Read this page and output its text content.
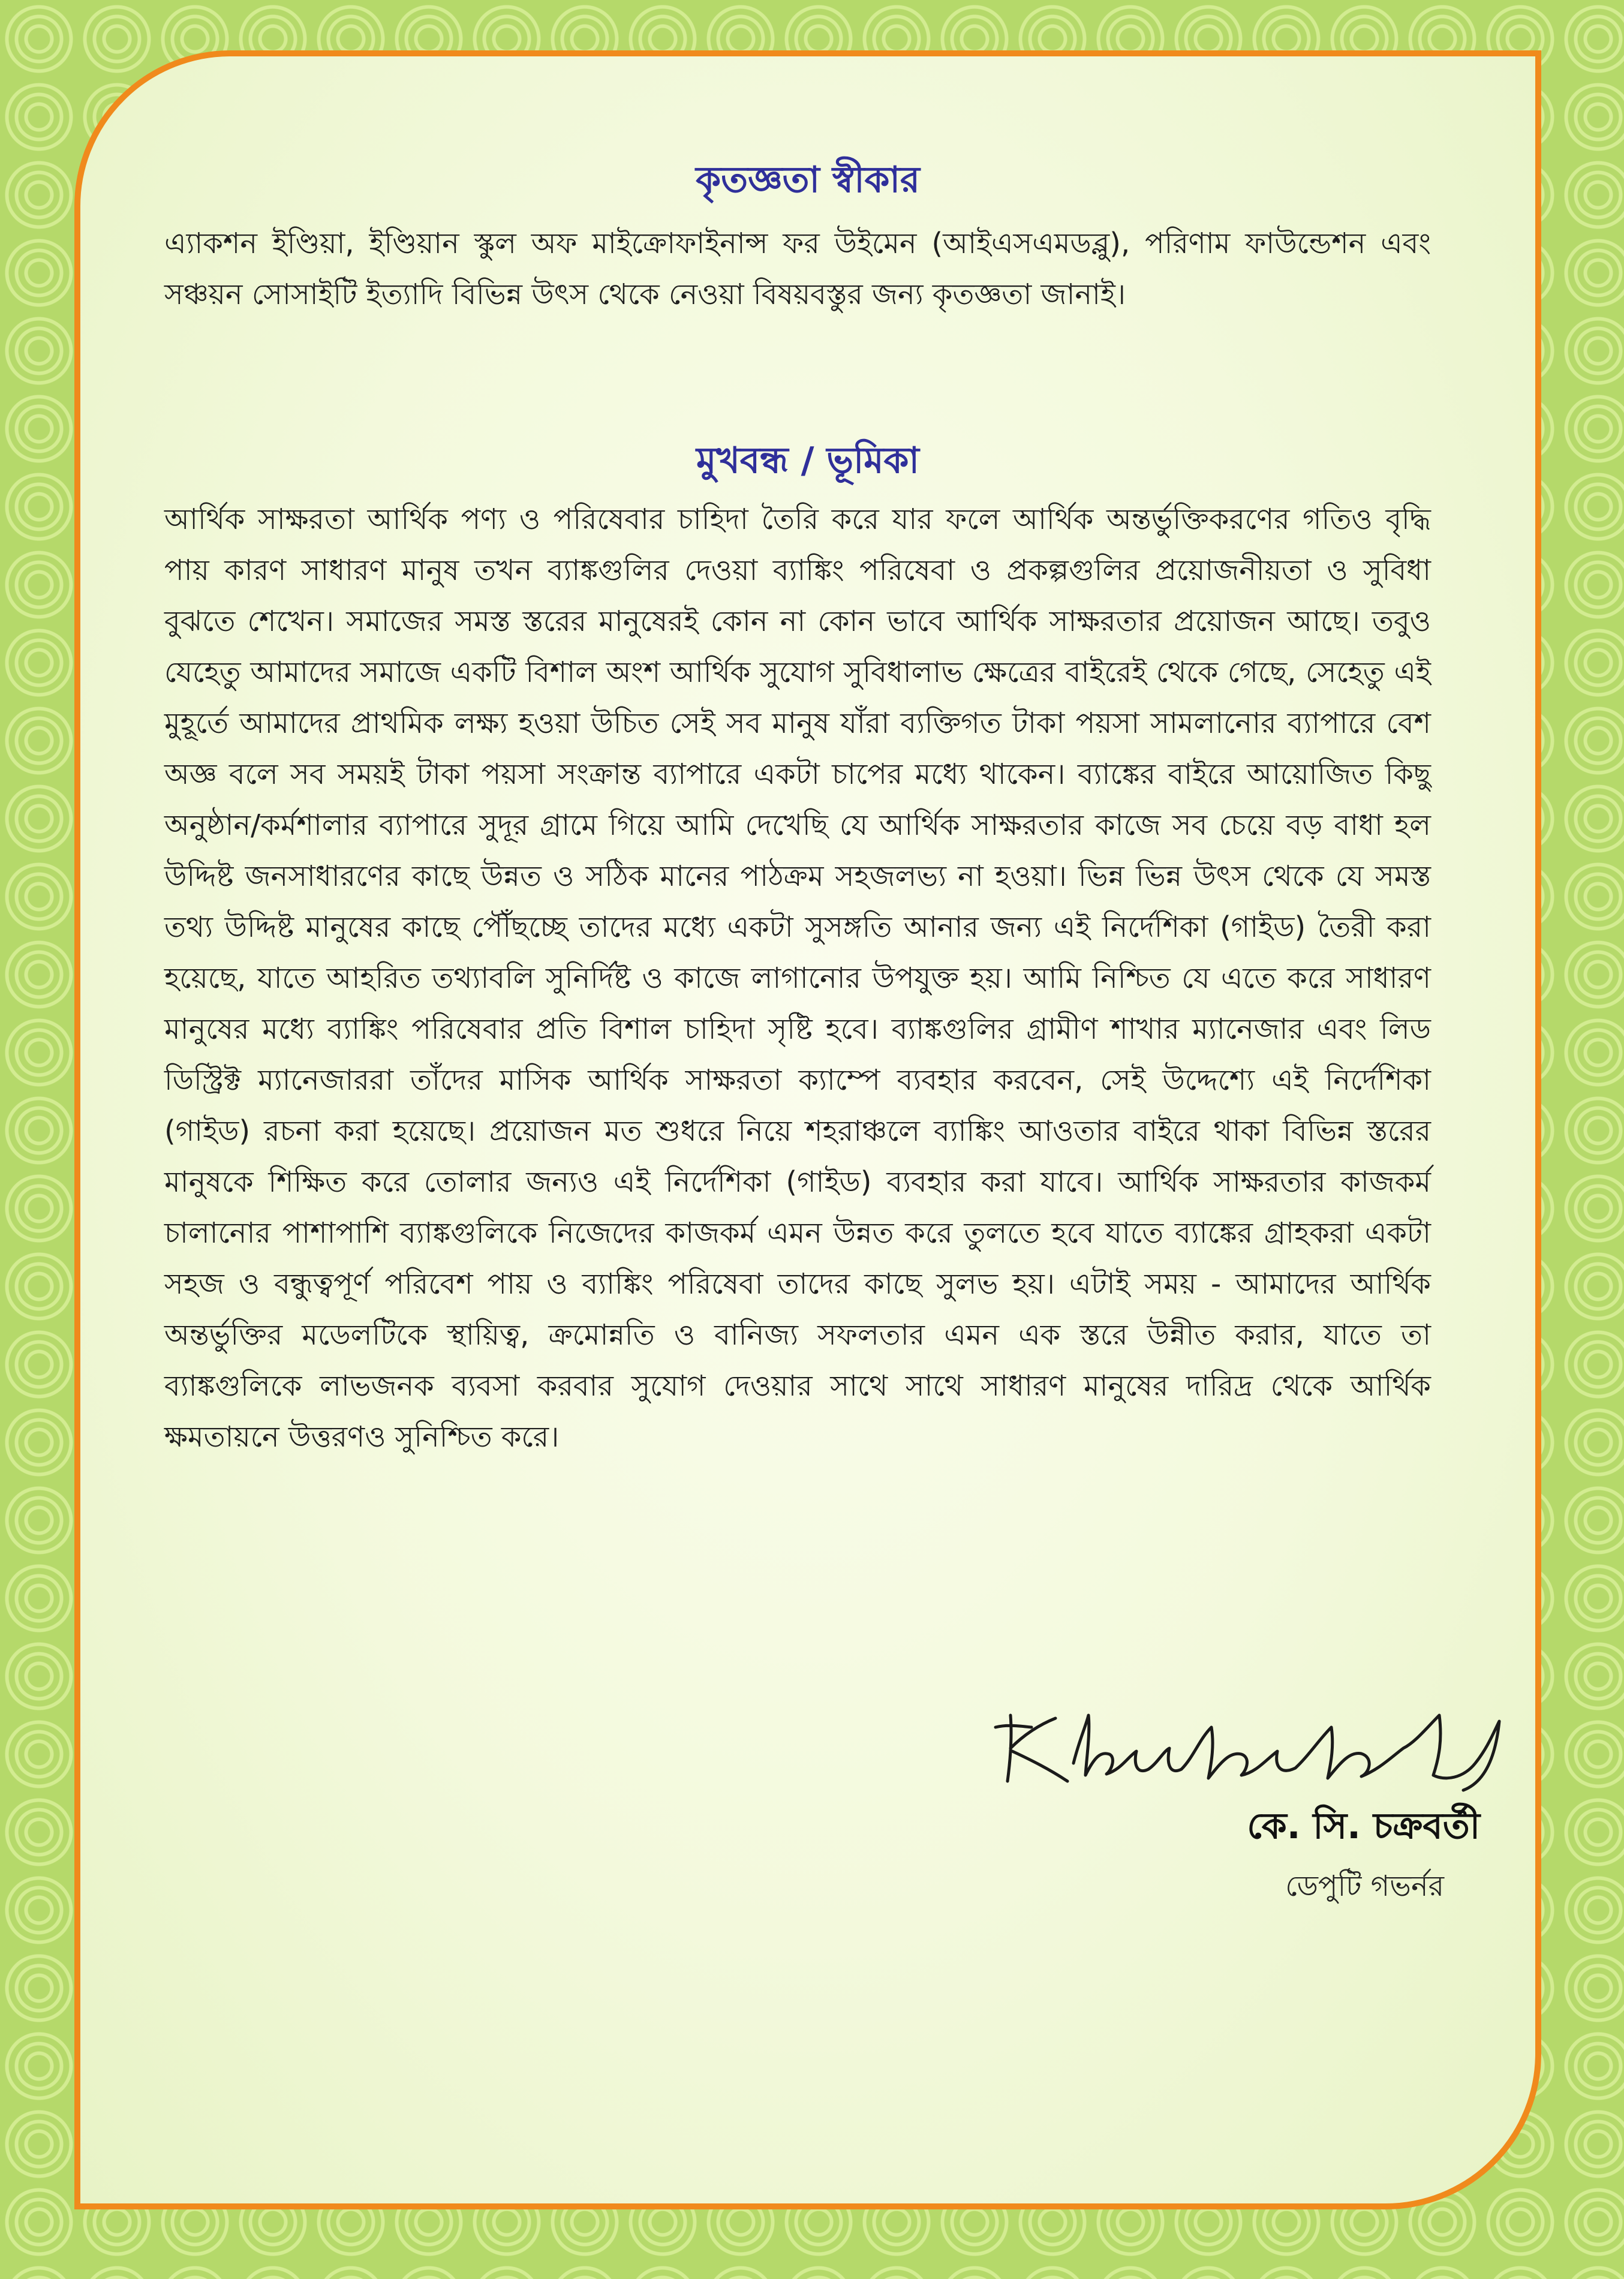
কৃতজ্ঞতা স্বীকার

এ্যাকশন ইণ্ডিয়া, ইণ্ডিয়ান স্কুল অফ মাইক্রোফাইনান্স ফর উইমেন (আইএসএমডব্লু), পরিণাম ফাউন্ডেশন এবং সঞ্চয়ন সোসাইটি ইত্যাদি বিভিন্ন উৎস থেকে নেওয়া বিষয়বস্তুর জন্য কৃতজ্ঞতা জানাই।

মুখবন্ধ / ভূমিকা

আর্থিক সাক্ষরতা আর্থিক পণ্য ও পরিষেবার চাহিদা তৈরি করে যার ফলে আর্থিক অন্তর্ভুক্তিকরণের গতিও বৃদ্ধি পায় কারণ সাধারণ মানুষ তখন ব্যাঙ্কগুলির দেওয়া ব্যাঙ্কিং পরিষেবা ও প্রকল্পগুলির প্রয়োজনীয়তা ও সুবিধা বুঝতে শেখেন। সমাজের সমস্ত স্তরের মানুষেরই কোন না কোন ভাবে আর্থিক সাক্ষরতার প্রয়োজন আছে। তবুও যেহেতু আমাদের সমাজে একটি বিশাল অংশ আর্থিক সুযোগ সুবিধালাভ ক্ষেত্রের বাইরেই থেকে গেছে, সেহেতু এই মুহূর্তে আমাদের প্রাথমিক লক্ষ্য হওয়া উচিত সেই সব মানুষ যাঁরা ব্যক্তিগত টাকা পয়সা সামলানোর ব্যাপারে বেশ অজ্ঞ বলে সব সময়ই টাকা পয়সা সংক্রান্ত ব্যাপারে একটা চাপের মধ্যে থাকেন। ব্যাঙ্কের বাইরে আয়োজিত কিছু অনুষ্ঠান/কর্মশালার ব্যাপারে সুদূর গ্রামে গিয়ে আমি দেখেছি যে আর্থিক সাক্ষরতার কাজে সব চেয়ে বড় বাধা হল উদ্দিষ্ট জনসাধারণের কাছে উন্নত ও সঠিক মানের পাঠক্রম সহজলভ্য না হওয়া। ভিন্ন ভিন্ন উৎস থেকে যে সমস্ত তথ্য উদ্দিষ্ট মানুষের কাছে পৌঁছচ্ছে তাদের মধ্যে একটা সুসঙ্গতি আনার জন্য এই নির্দেশিকা (গাইড) তৈরী করা হয়েছে, যাতে আহরিত তথ্যাবলি সুনির্দিষ্ট ও কাজে লাগানোর উপযুক্ত হয়। আমি নিশ্চিত যে এতে করে সাধারণ মানুষের মধ্যে ব্যাঙ্কিং পরিষেবার প্রতি বিশাল চাহিদা সৃষ্টি হবে। ব্যাঙ্কগুলির গ্রামীণ শাখার ম্যানেজার এবং লিড ডিস্ট্রিক্ট ম্যানেজাররা তাঁদের মাসিক আর্থিক সাক্ষরতা ক্যাম্পে ব্যবহার করবেন, সেই উদ্দেশ্যে এই নির্দেশিকা (গাইড) রচনা করা হয়েছে। প্রয়োজন মত শুধরে নিয়ে শহরাঞ্চলে ব্যাঙ্কিং আওতার বাইরে থাকা বিভিন্ন স্তরের মানুষকে শিক্ষিত করে তোলার জন্যও এই নির্দেশিকা (গাইড) ব্যবহার করা যাবে। আর্থিক সাক্ষরতার কাজকর্ম চালানোর পাশাপাশি ব্যাঙ্কগুলিকে নিজেদের কাজকর্ম এমন উন্নত করে তুলতে হবে যাতে ব্যাঙ্কের গ্রাহকরা একটা সহজ ও বন্ধুত্বপূর্ণ পরিবেশ পায় ও ব্যাঙ্কিং পরিষেবা তাদের কাছে সুলভ হয়। এটাই সময় - আমাদের আর্থিক অন্তর্ভুক্তির মডেলটিকে স্থায়িত্ব, ক্রমোন্নতি ও বানিজ্য সফলতার এমন এক স্তরে উন্নীত করার, যাতে তা ব্যাঙ্কগুলিকে লাভজনক ব্যবসা করবার সুযোগ দেওয়ার সাথে সাথে সাধারণ মানুষের দারিদ্র থেকে আর্থিক ক্ষমতায়নে উত্তরণও সুনিশ্চিত করে।

কে. সি. চক্রবর্তী
ডেপুটি গভর্নর
